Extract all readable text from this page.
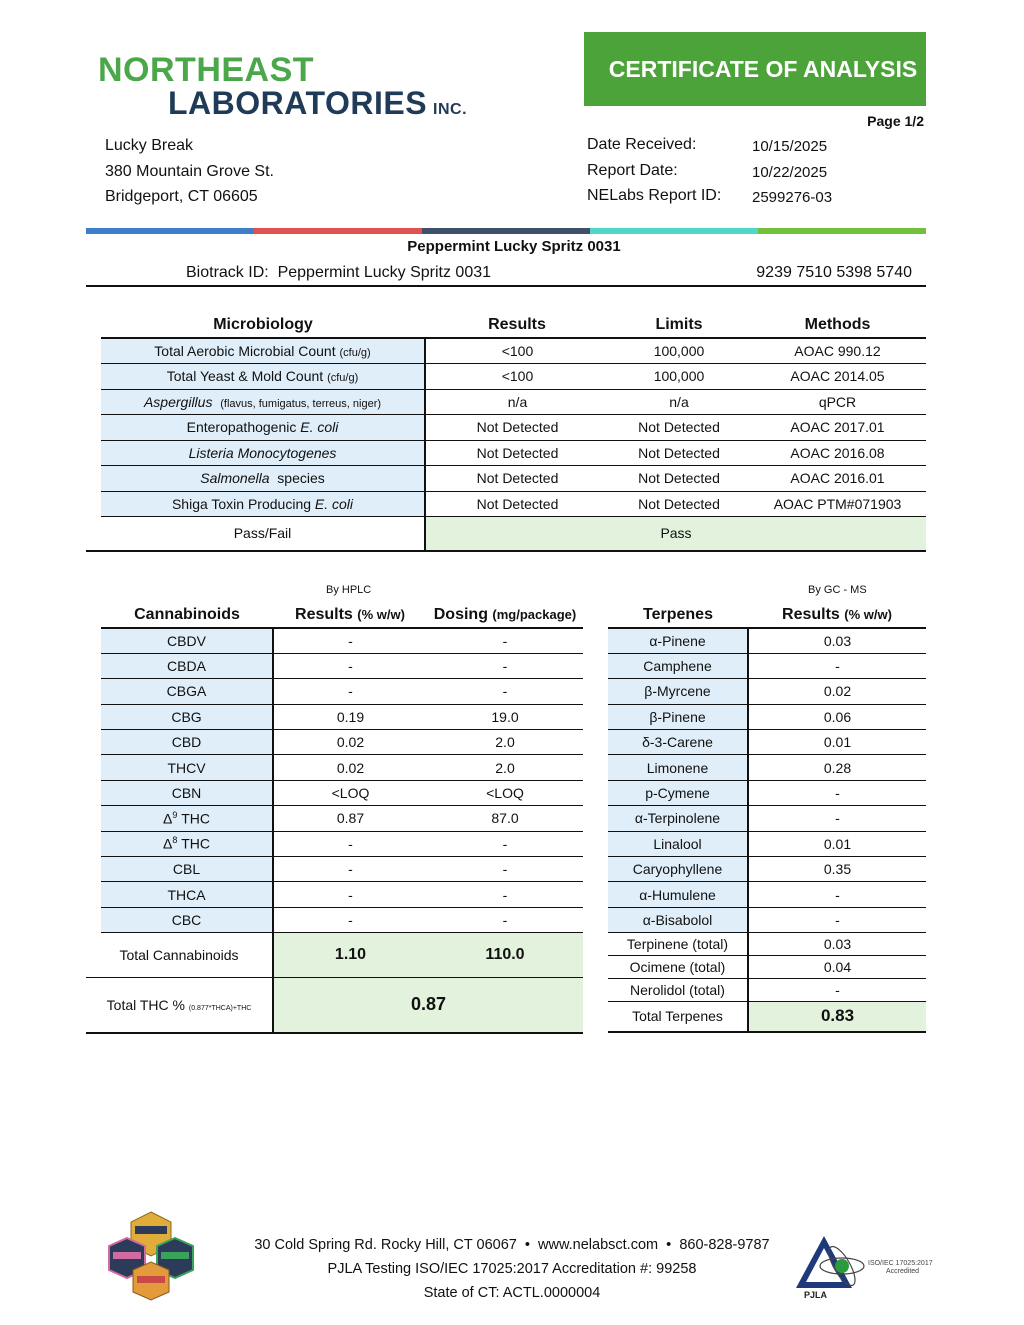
NORTHEAST
LABORATORIES INC.
CERTIFICATE OF ANALYSIS
Page 1/2
Lucky Break
380 Mountain Grove St.
Bridgeport, CT 06605
Date Received:	10/15/2025
Report Date:	10/22/2025
NELabs Report ID: 2599276-03
Peppermint Lucky Spritz 0031
Biotrack ID: Peppermint Lucky Spritz 0031	9239 7510 5398 5740
	Microbiology	Results	Limits	Methods
	Total Aerobic Microbial Count (cfu/g)	<100	100,000	AOAC 990.12
	Total Yeast & Mold Count (cfu/g)	<100	100,000	AOAC 2014.05
	Aspergillus (flavus, fumigatus, terreus, niger)	n/a	n/a	qPCR
	Enteropathogenic E. coli	Not Detected	Not Detected	AOAC 2017.01
	Listeria Monocytogenes	Not Detected	Not Detected	AOAC 2016.08
	Salmonella species	Not Detected	Not Detected	AOAC 2016.01
	Shiga Toxin Producing E. coli	Not Detected	Not Detected	AOAC PTM#071903
	Pass/Fail	Pass		
By HPLC	By GC - MS
	Cannabinoids	Results (% w/w)	Dosing (mg/package)
	CBDV	-	-
	CBDA	-	-
	CBGA	-	-
	CBG	0.19	19.0
	CBD	0.02	2.0
	THCV	0.02	2.0
	CBN	<LOQ	<LOQ
	$\Delta^9$ THC	0.87	87.0
	$\Delta^8$ THC	-	-
	CBL	-	-
	THCA	-	-
	CBC	-	-
Total Cannabinoids		1.10	110.0
Total THC % (0.877*THCA)+THC		0.87	
Terpenes	Results (% w/w)
α-Pinene	0.03
Camphene	-
β-Myrcene	0.02
β-Pinene	0.06
δ-3-Carene	0.01
Limonene	0.28
p-Cymene	-
α-Terpinolene	-
Linalool	0.01
Caryophyllene	0.35
α-Humulene	-
α-Bisabolol	-
Terpinene (total)	0.03
Ocimene (total)	0.04
Nerolidol (total)	-
Total Terpenes	0.83
30 Cold Spring Rd. Rocky Hill, CT 06067 • www.nelabsct.com • 860-828-9787
PJLA Testing ISO/IEC 17025:2017 Accreditation #: 99258
State of CT: ACTL.0000004	PJLA
ISO/IEC 17025:2017
Accredited
